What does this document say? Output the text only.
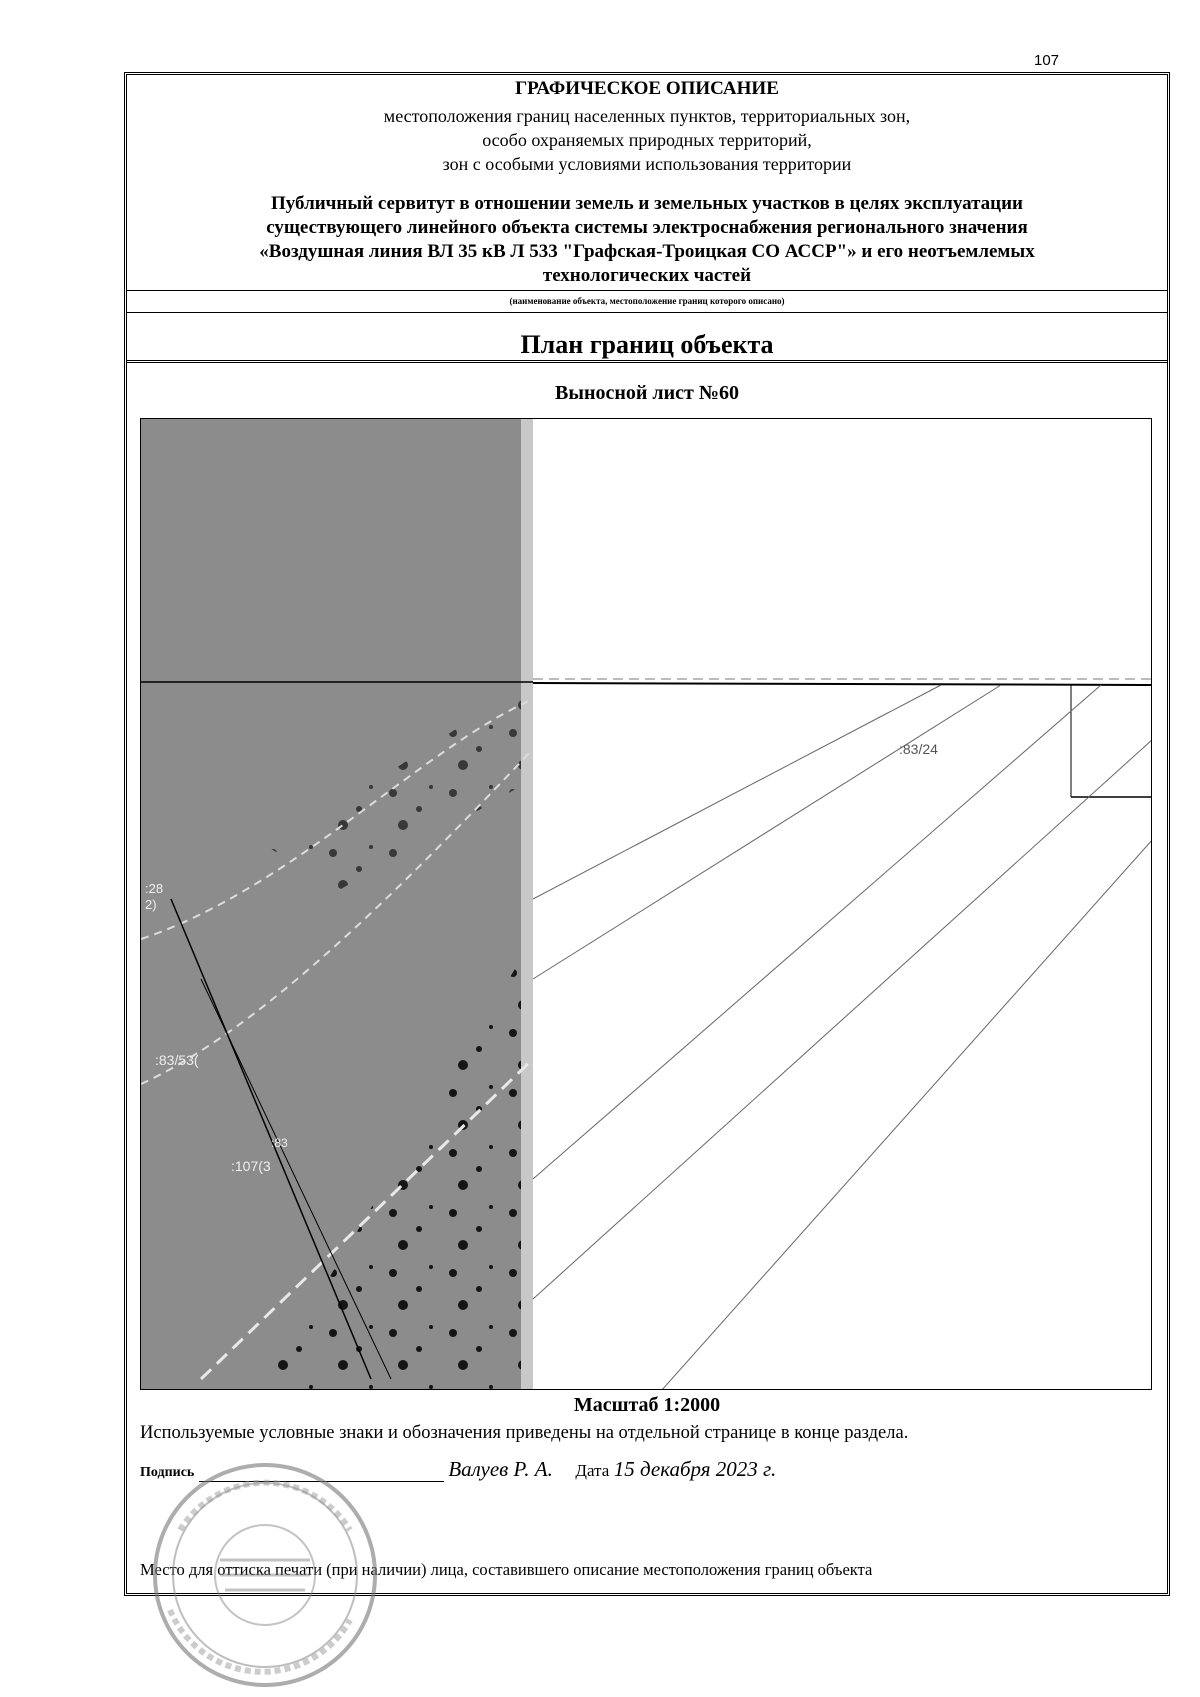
107
ГРАФИЧЕСКОЕ ОПИСАНИЕ
местоположения границ населенных пунктов, территориальных зон,
особо охраняемых природных территорий,
зон с особыми условиями использования территории
Публичный сервитут в отношении земель и земельных участков в целях эксплуатации
существующего линейного объекта системы электроснабжения регионального значения
«Воздушная линия ВЛ 35 кВ Л 533 "Графская-Троицкая СО АССР"» и его неотъемлемых
технологических частей
(наименование объекта, местоположение границ которого описано)
План границ объекта
Выносной лист №60
:83/24
:28
2)
:83/53(
:107(3
:83
Масштаб 1:2000
Используемые условные знаки и обозначения приведены на отдельной странице в конце раздела.
Подпись	Валуев Р. А. Дата 15 декабря 2023 г.
Место для оттиска печати (при наличии) лица, составившего описание местоположения границ объекта
